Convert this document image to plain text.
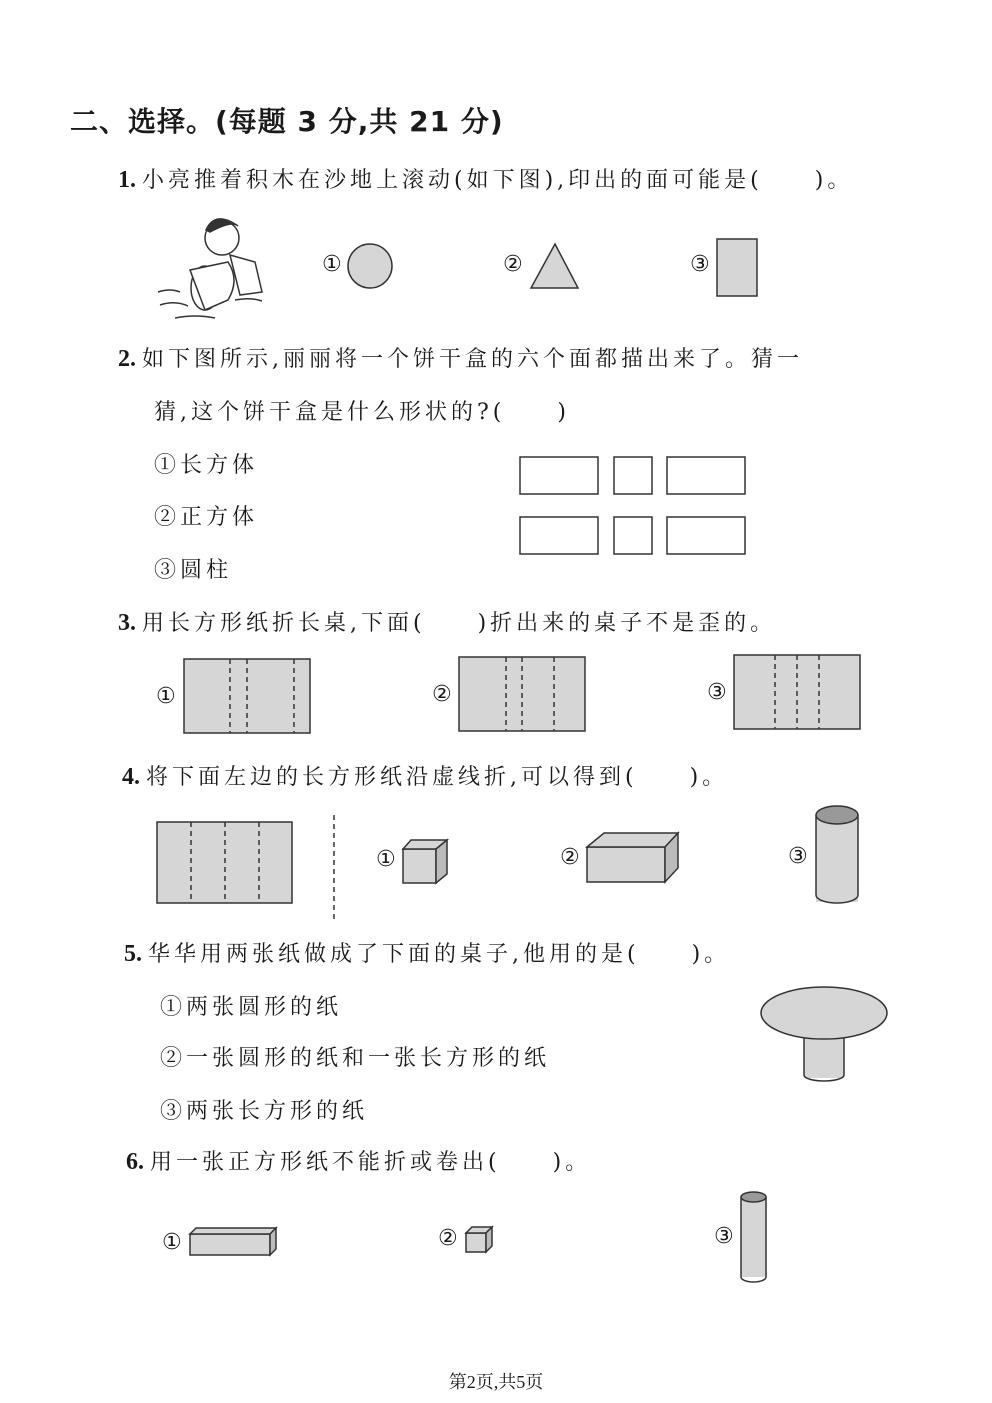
二、选择。(每题 3 分,共 21 分)
1. 小亮推着积木在沙地上滚动(如下图),印出的面可能是(　　)。
①	②	③
2. 如下图所示,丽丽将一个饼干盒的六个面都描出来了。猜一
猜,这个饼干盒是什么形状的?(　　)
①长方体
②正方体
③圆柱
3. 用长方形纸折长桌,下面(　　)折出来的桌子不是歪的。
①	②	③
4. 将下面左边的长方形纸沿虚线折,可以得到(　　)。
①	②	③
5. 华华用两张纸做成了下面的桌子,他用的是(　　)。
①两张圆形的纸
②一张圆形的纸和一张长方形的纸
③两张长方形的纸
6. 用一张正方形纸不能折或卷出(　　)。
①	②	③
第2页,共5页
